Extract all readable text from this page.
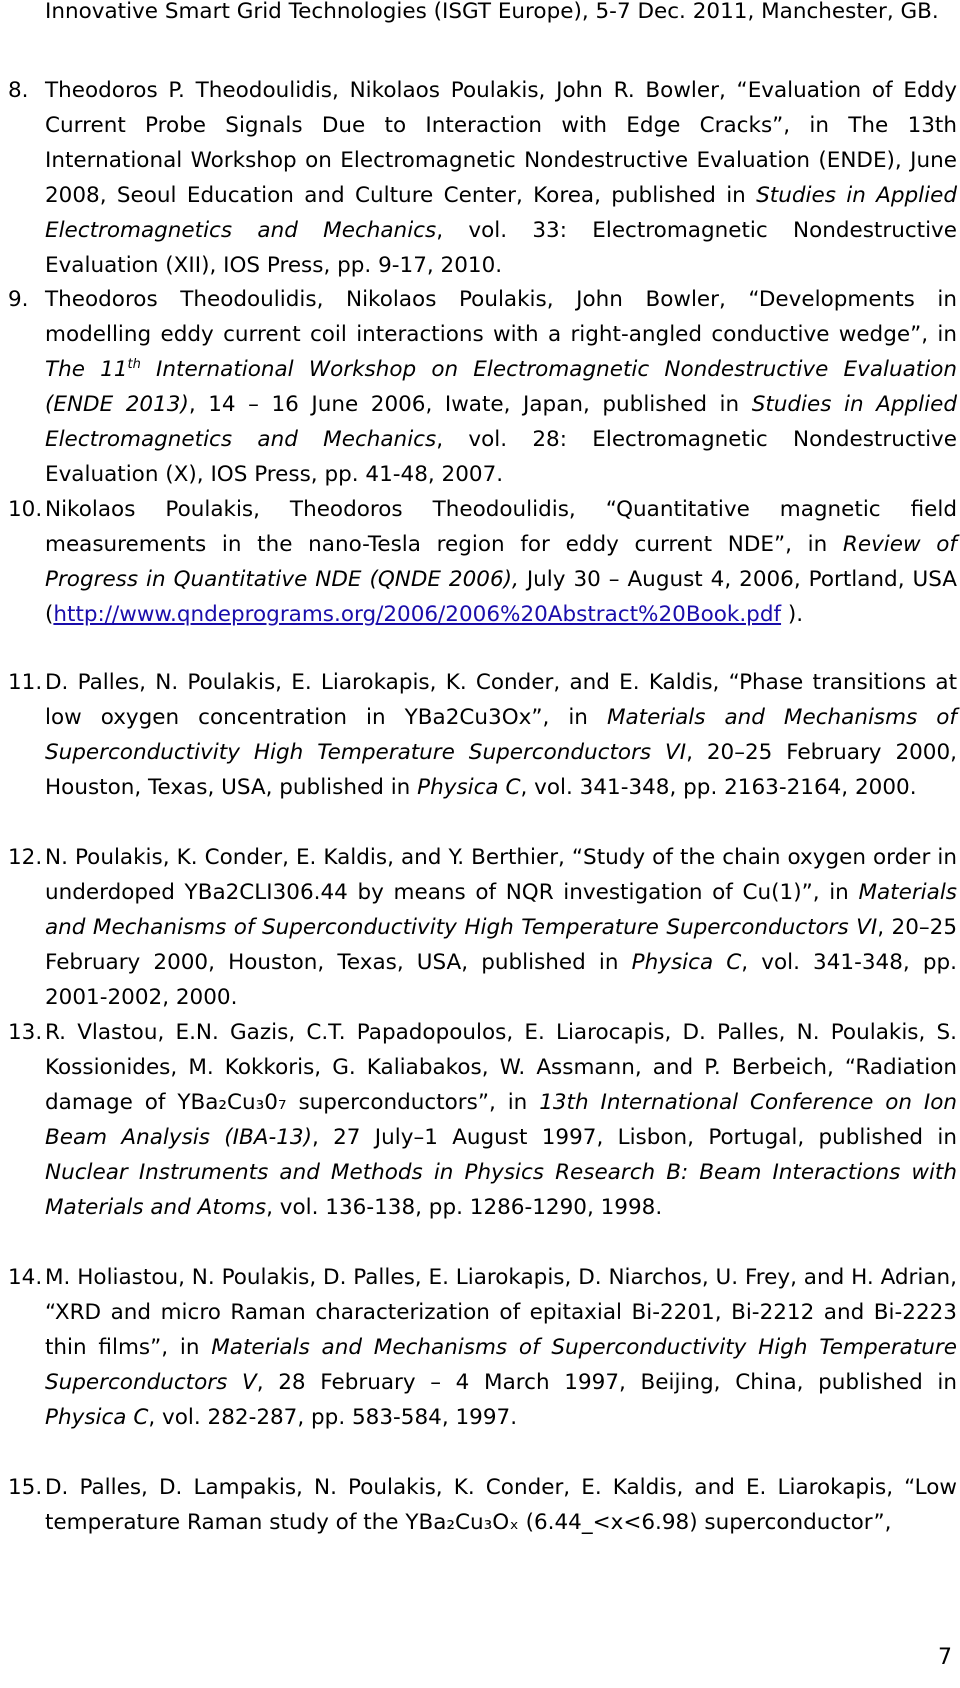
Innovative Smart Grid Technologies (ISGT Europe), 5-7 Dec. 2011, Manchester, GB.
8. Theodoros P. Theodoulidis, Nikolaos Poulakis, John R. Bowler, “Evaluation of Eddy Current Probe Signals Due to Interaction with Edge Cracks”, in The 13th International Workshop on Electromagnetic Nondestructive Evaluation (ENDE), June 2008, Seoul Education and Culture Center, Korea, published in Studies in Applied Electromagnetics and Mechanics, vol. 33: Electromagnetic Nondestructive Evaluation (XII), IOS Press, pp. 9-17, 2010.
9. Theodoros Theodoulidis, Nikolaos Poulakis, John Bowler, “Developments in modelling eddy current coil interactions with a right-angled conductive wedge”, in The 11th International Workshop on Electromagnetic Nondestructive Evaluation (ENDE 2013), 14 – 16 June 2006, Iwate, Japan, published in Studies in Applied Electromagnetics and Mechanics, vol. 28: Electromagnetic Nondestructive Evaluation (X), IOS Press, pp. 41-48, 2007.
10. Nikolaos Poulakis, Theodoros Theodoulidis, “Quantitative magnetic field measurements in the nano-Tesla region for eddy current NDE”, in Review of Progress in Quantitative NDE (QNDE 2006), July 30 – August 4, 2006, Portland, USA (http://www.qndeprograms.org/2006/2006%20Abstract%20Book.pdf ).
11. D. Palles, N. Poulakis, E. Liarokapis, K. Conder, and E. Kaldis, “Phase transitions at low oxygen concentration in YBa2Cu3Ox”, in Materials and Mechanisms of Superconductivity High Temperature Superconductors VI, 20–25 February 2000, Houston, Texas, USA, published in Physica C, vol. 341-348, pp. 2163-2164, 2000.
12. N. Poulakis, K. Conder, E. Kaldis, and Y. Berthier, “Study of the chain oxygen order in underdoped YBa2CLI306.44 by means of NQR investigation of Cu(1)”, in Materials and Mechanisms of Superconductivity High Temperature Superconductors VI, 20–25 February 2000, Houston, Texas, USA, published in Physica C, vol. 341-348, pp. 2001-2002, 2000.
13. R. Vlastou, E.N. Gazis, C.T. Papadopoulos, E. Liarocapis, D. Palles, N. Poulakis, S. Kossionides, M. Kokkoris, G. Kaliabakos, W. Assmann, and P. Berbeich, “Radiation damage of YBa₂Cu₃0₇ superconductors”, in 13th International Conference on Ion Beam Analysis (IBA-13), 27 July–1 August 1997, Lisbon, Portugal, published in Nuclear Instruments and Methods in Physics Research B: Beam Interactions with Materials and Atoms, vol. 136-138, pp. 1286-1290, 1998.
14. M. Holiastou, N. Poulakis, D. Palles, E. Liarokapis, D. Niarchos, U. Frey, and H. Adrian, “XRD and micro Raman characterization of epitaxial Bi-2201, Bi-2212 and Bi-2223 thin films”, in Materials and Mechanisms of Superconductivity High Temperature Superconductors V, 28 February – 4 March 1997, Beijing, China, published in Physica C, vol. 282-287, pp. 583-584, 1997.
15. D. Palles, D. Lampakis, N. Poulakis, K. Conder, E. Kaldis, and E. Liarokapis, “Low temperature Raman study of the YBa₂Cu₃Oₓ (6.44_<x<6.98) superconductor”,
7
